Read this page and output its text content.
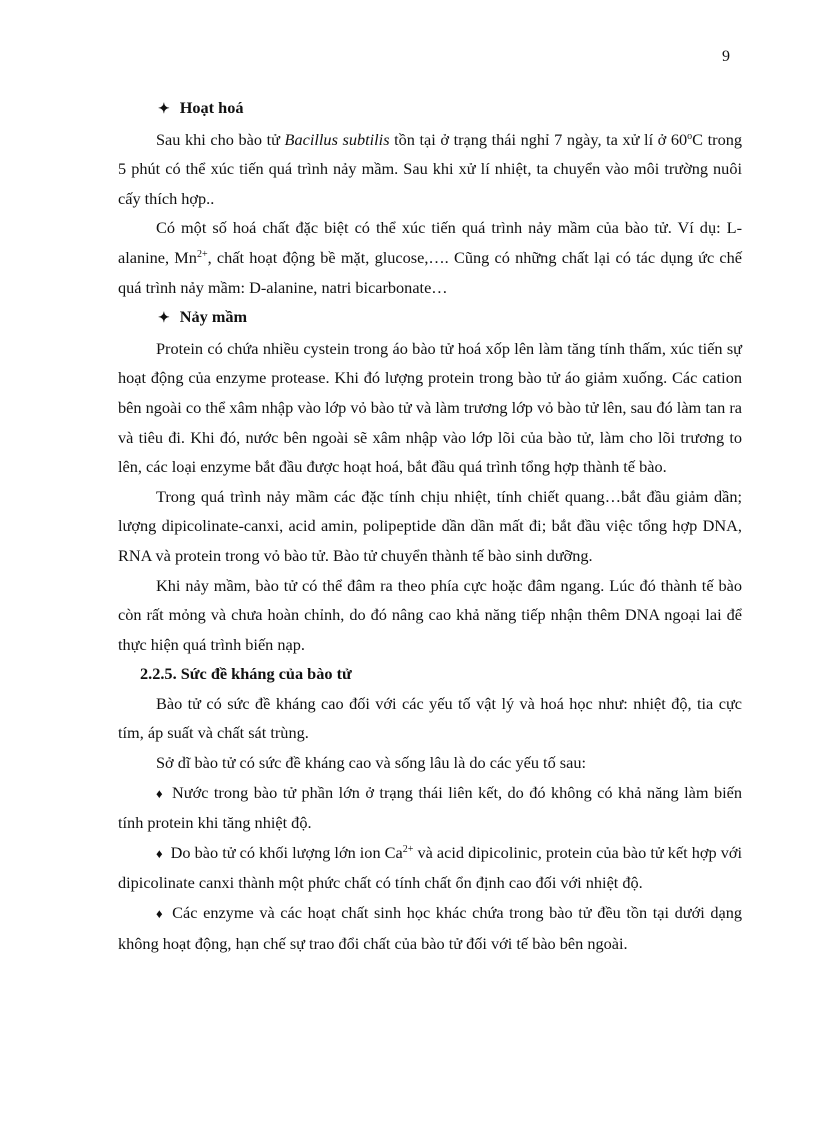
9

✦ Hoạt hoá

Sau khi cho bào tử Bacillus subtilis tồn tại ở trạng thái nghỉ 7 ngày, ta xử lí ở 60$^o$C trong 5 phút có thể xúc tiến quá trình nảy mầm. Sau khi xử lí nhiệt, ta chuyển vào môi trường nuôi cấy thích hợp..

Có một số hoá chất đặc biệt có thể xúc tiến quá trình nảy mầm của bào tử. Ví dụ: L-alanine, $Mn^{2+}$, chất hoạt động bề mặt, glucose,…. Cũng có những chất lại có tác dụng ức chế quá trình nảy mầm: D-alanine, natri bicarbonate…

✦ Nảy mầm

Protein có chứa nhiều cystein trong áo bào tử hoá xốp lên làm tăng tính thấm, xúc tiến sự hoạt động của enzyme protease. Khi đó lượng protein trong bào tử áo giảm xuống. Các cation bên ngoài co thể xâm nhập vào lớp vỏ bào tử và làm trương lớp vỏ bào tử lên, sau đó làm tan ra và tiêu đi. Khi đó, nước bên ngoài sẽ xâm nhập vào lớp lõi của bào tử, làm cho lõi trương to lên, các loại enzyme bắt đầu được hoạt hoá, bắt đầu quá trình tổng hợp thành tế bào.

Trong quá trình nảy mầm các đặc tính chịu nhiệt, tính chiết quang…bắt đầu giảm dần; lượng dipicolinate-canxi, acid amin, polipeptide dần dần mất đi; bắt đầu việc tổng hợp DNA, RNA và protein trong vỏ bào tử. Bào tử chuyển thành tế bào sinh dưỡng.

Khi nảy mầm, bào tử có thể đâm ra theo phía cực hoặc đâm ngang. Lúc đó thành tế bào còn rất mỏng và chưa hoàn chỉnh, do đó nâng cao khả năng tiếp nhận thêm DNA ngoại lai để thực hiện quá trình biến nạp.

2.2.5. Sức đề kháng của bào tử

Bào tử có sức đề kháng cao đối với các yếu tố vật lý và hoá học như: nhiệt độ, tia cực tím, áp suất và chất sát trùng.

Sở dĩ bào tử có sức đề kháng cao và sống lâu là do các yếu tố sau:

♦ Nước trong bào tử phần lớn ở trạng thái liên kết, do đó không có khả năng làm biến tính protein khi tăng nhiệt độ.

♦ Do bào tử có khối lượng lớn ion $Ca^{2+}$ và acid dipicolinic, protein của bào tử kết hợp với dipicolinate canxi thành một phức chất có tính chất ổn định cao đối với nhiệt độ.

♦ Các enzyme và các hoạt chất sinh học khác chứa trong bào tử đều tồn tại dưới dạng không hoạt động, hạn chế sự trao đổi chất của bào tử đối với tế bào bên ngoài.
